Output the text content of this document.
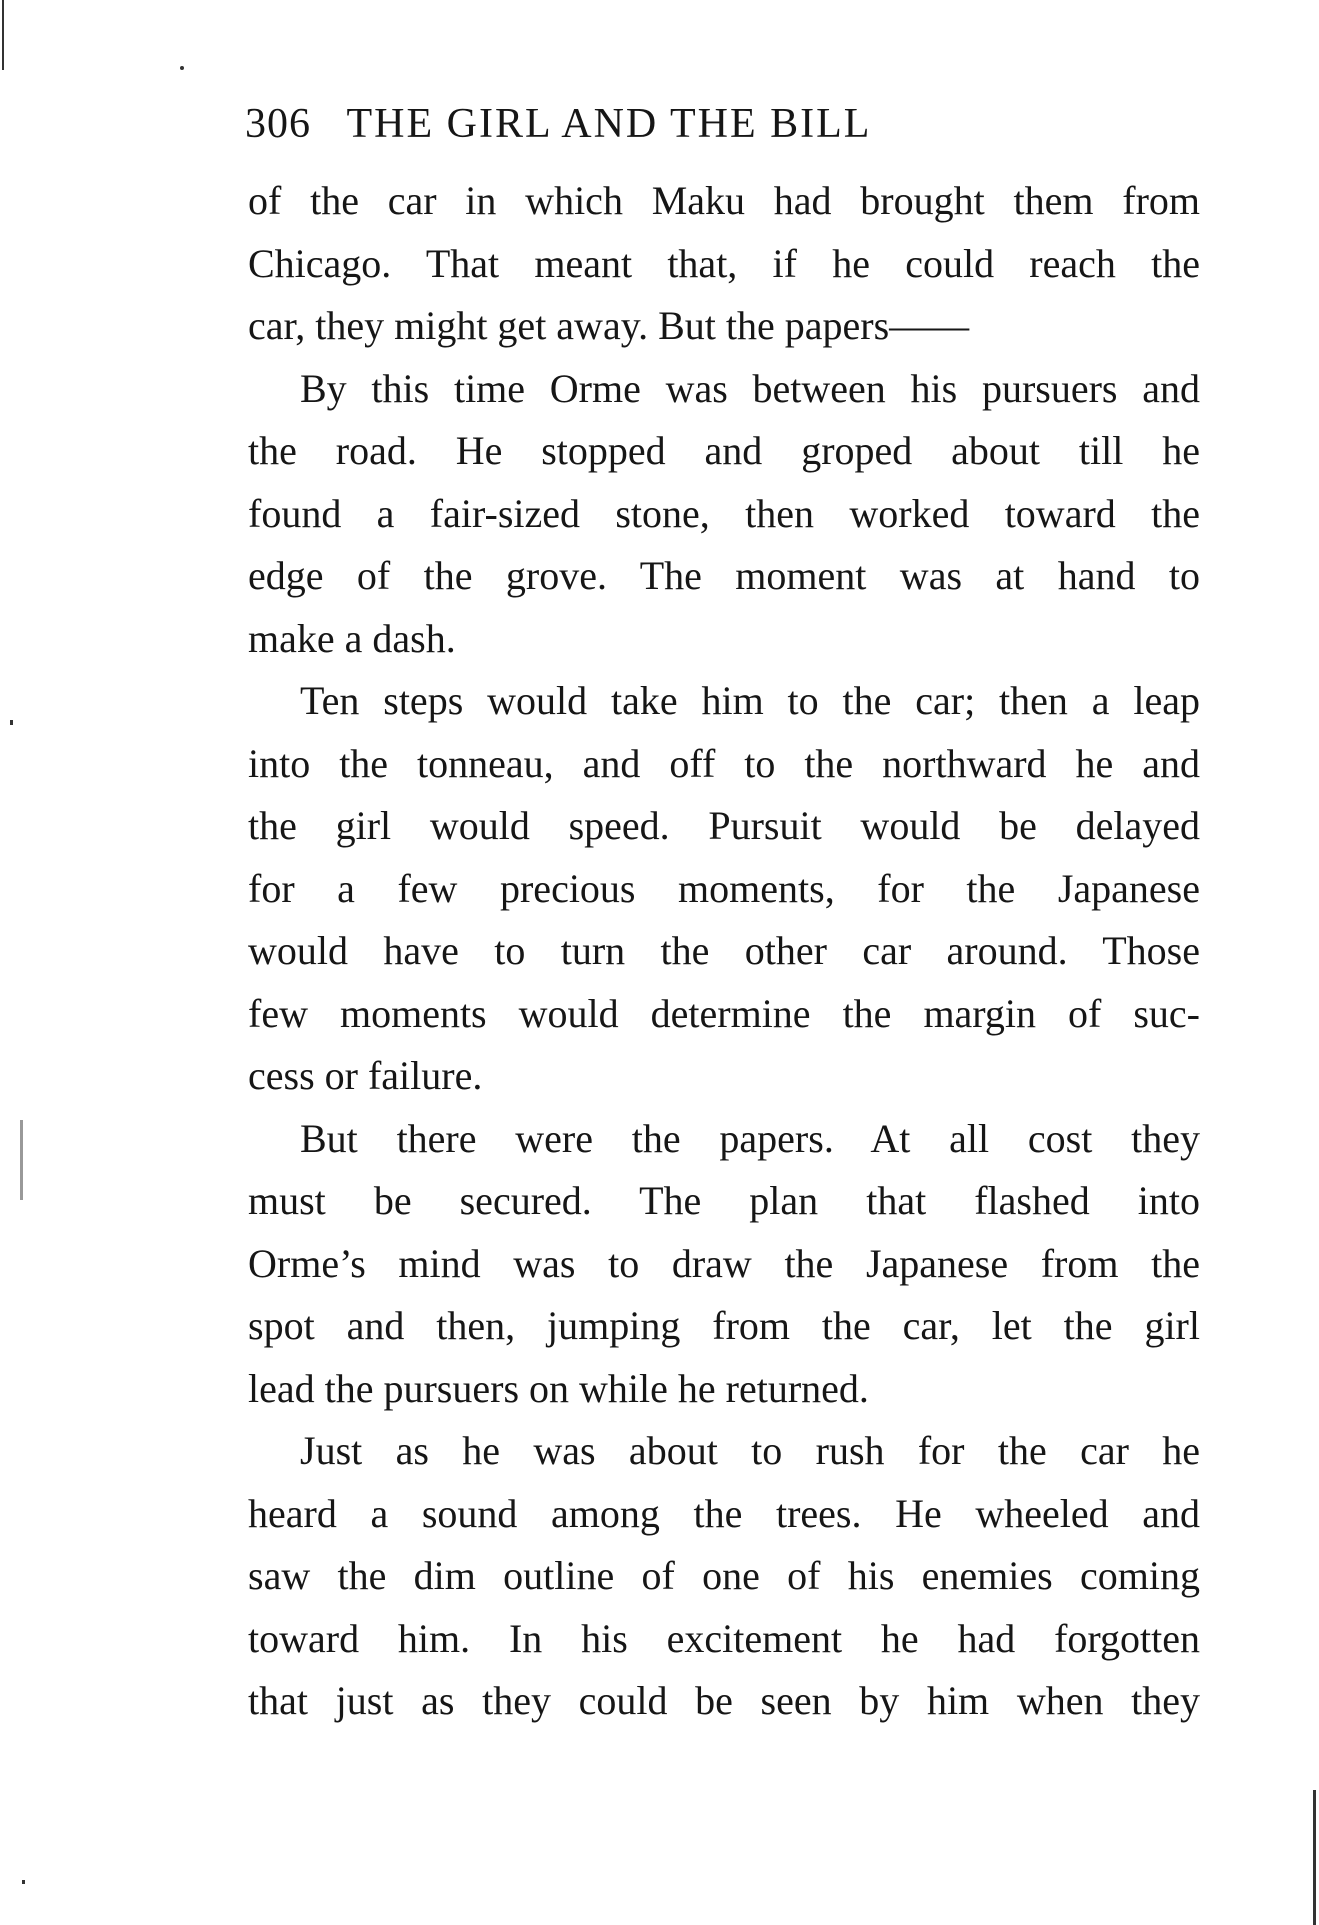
306 THE GIRL AND THE BILL
of the car in which Maku had brought them from
Chicago. That meant that, if he could reach the
car, they might get away. But the papers——
By this time Orme was between his pursuers and
the road. He stopped and groped about till he
found a fair-sized stone, then worked toward the
edge of the grove. The moment was at hand to
make a dash.
Ten steps would take him to the car; then a leap
into the tonneau, and off to the northward he and
the girl would speed. Pursuit would be delayed
for a few precious moments, for the Japanese
would have to turn the other car around. Those
few moments would determine the margin of suc-
cess or failure.
But there were the papers. At all cost they
must be secured. The plan that flashed into
Orme’s mind was to draw the Japanese from the
spot and then, jumping from the car, let the girl
lead the pursuers on while he returned.
Just as he was about to rush for the car he
heard a sound among the trees. He wheeled and
saw the dim outline of one of his enemies coming
toward him. In his excitement he had forgotten
that just as they could be seen by him when they
